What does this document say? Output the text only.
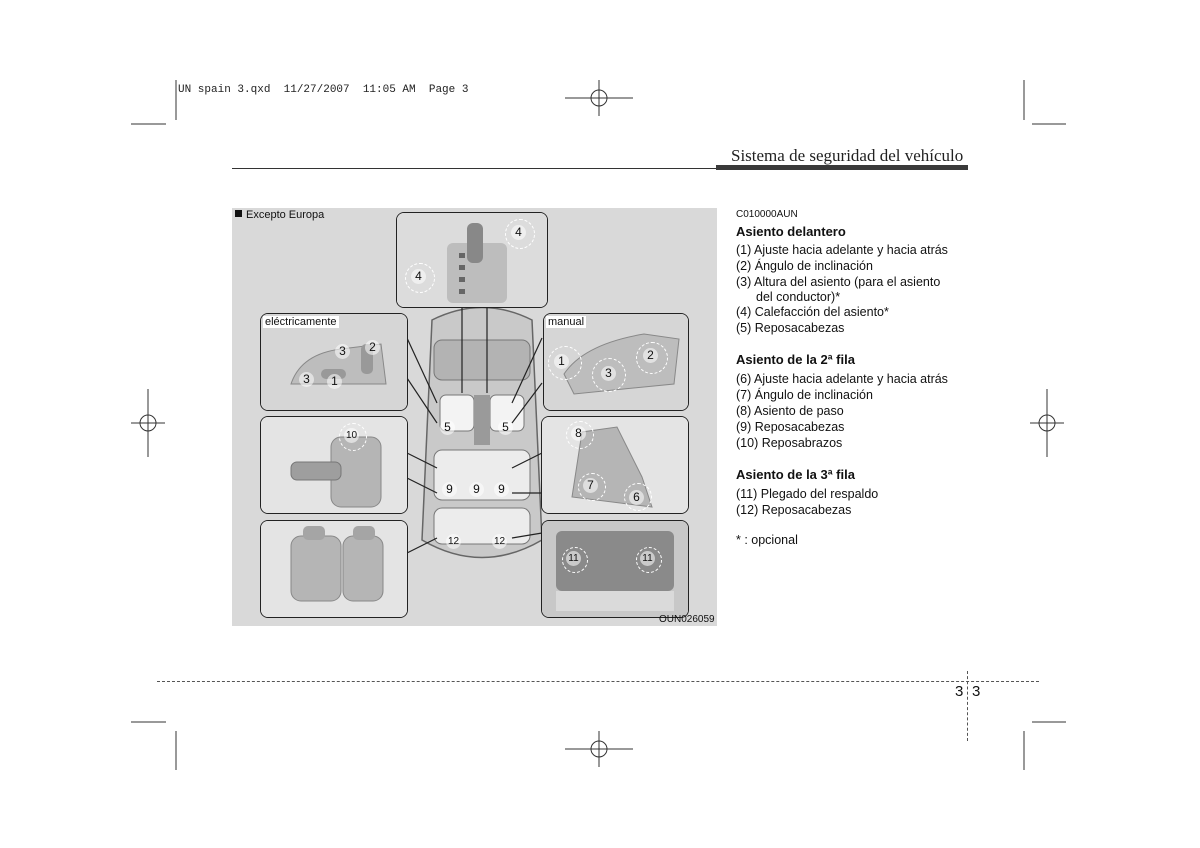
UN spain 3.qxd  11/27/2007  11:05 AM  Page 3
Sistema de seguridad del vehículo
4
4
eléctricamente
2
3
3	1
manual
1
3
2
10	8
7
6
11	11
5	5
9	9	9
12	12
Excepto Europa
OUN026059
C010000AUN
Asiento delantero
(1) Ajuste hacia adelante y hacia atrás
(2) Ángulo de inclinación
(3) Altura del asiento (para el asiento
del conductor)*
(4) Calefacción del asiento*
(5) Reposacabezas
Asiento de la 2ª fila
(6) Ajuste hacia adelante y hacia atrás
(7) Ángulo de inclinación
(8) Asiento de paso
(9) Reposacabezas
(10) Reposabrazos
Asiento de la 3ª fila
(11) Plegado del respaldo
(12) Reposacabezas
* : opcional
3 3
